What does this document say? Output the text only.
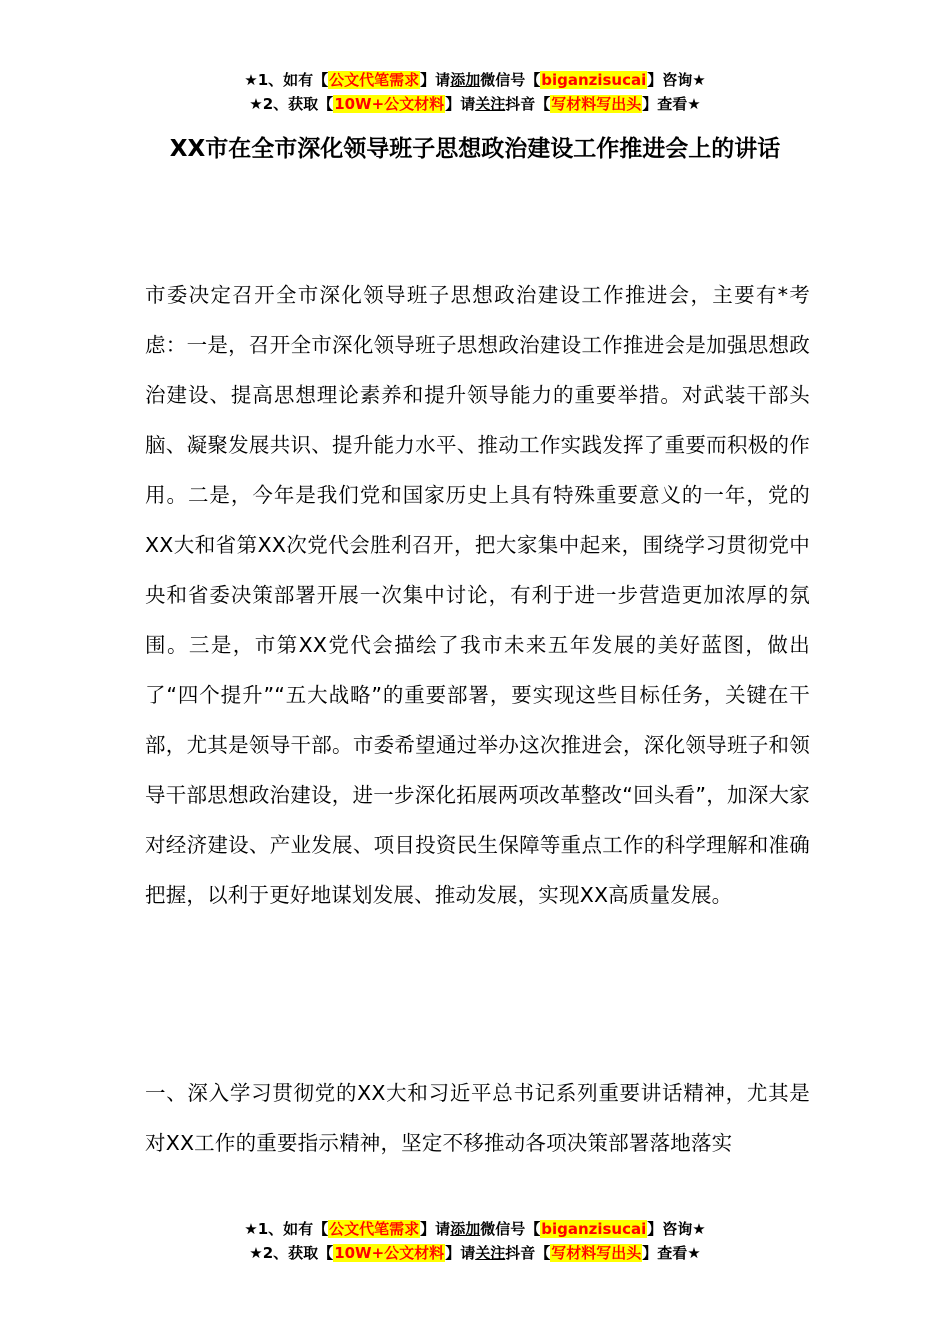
★1、如有【公文代笔需求】请添加微信号【biganzisucai】咨询★
★2、获取【10W+公文材料】请关注抖音【写材料写出头】查看★
XX市在全市深化领导班子思想政治建设工作推进会上的讲话
市委决定召开全市深化领导班子思想政治建设工作推进会，主要有*考虑：一是，召开全市深化领导班子思想政治建设工作推进会是加强思想政治建设、提高思想理论素养和提升领导能力的重要举措。对武装干部头脑、凝聚发展共识、提升能力水平、推动工作实践发挥了重要而积极的作用。二是，今年是我们党和国家历史上具有特殊重要意义的一年，党的XX大和省第XX次党代会胜利召开，把大家集中起来，围绕学习贯彻党中央和省委决策部署开展一次集中讨论，有利于进一步营造更加浓厚的氛围。三是，市第XX党代会描绘了我市未来五年发展的美好蓝图，做出了“四个提升”“五大战略”的重要部署，要实现这些目标任务，关键在干部，尤其是领导干部。市委希望通过举办这次推进会，深化领导班子和领导干部思想政治建设，进一步深化拓展两项改革整改“回头看”，加深大家对经济建设、产业发展、项目投资民生保障等重点工作的科学理解和准确把握，以利于更好地谋划发展、推动发展，实现XX高质量发展。
一、深入学习贯彻党的XX大和习近平总书记系列重要讲话精神，尤其是对XX工作的重要指示精神，坚定不移推动各项决策部署落地落实
★1、如有【公文代笔需求】请添加微信号【biganzisucai】咨询★
★2、获取【10W+公文材料】请关注抖音【写材料写出头】查看★
